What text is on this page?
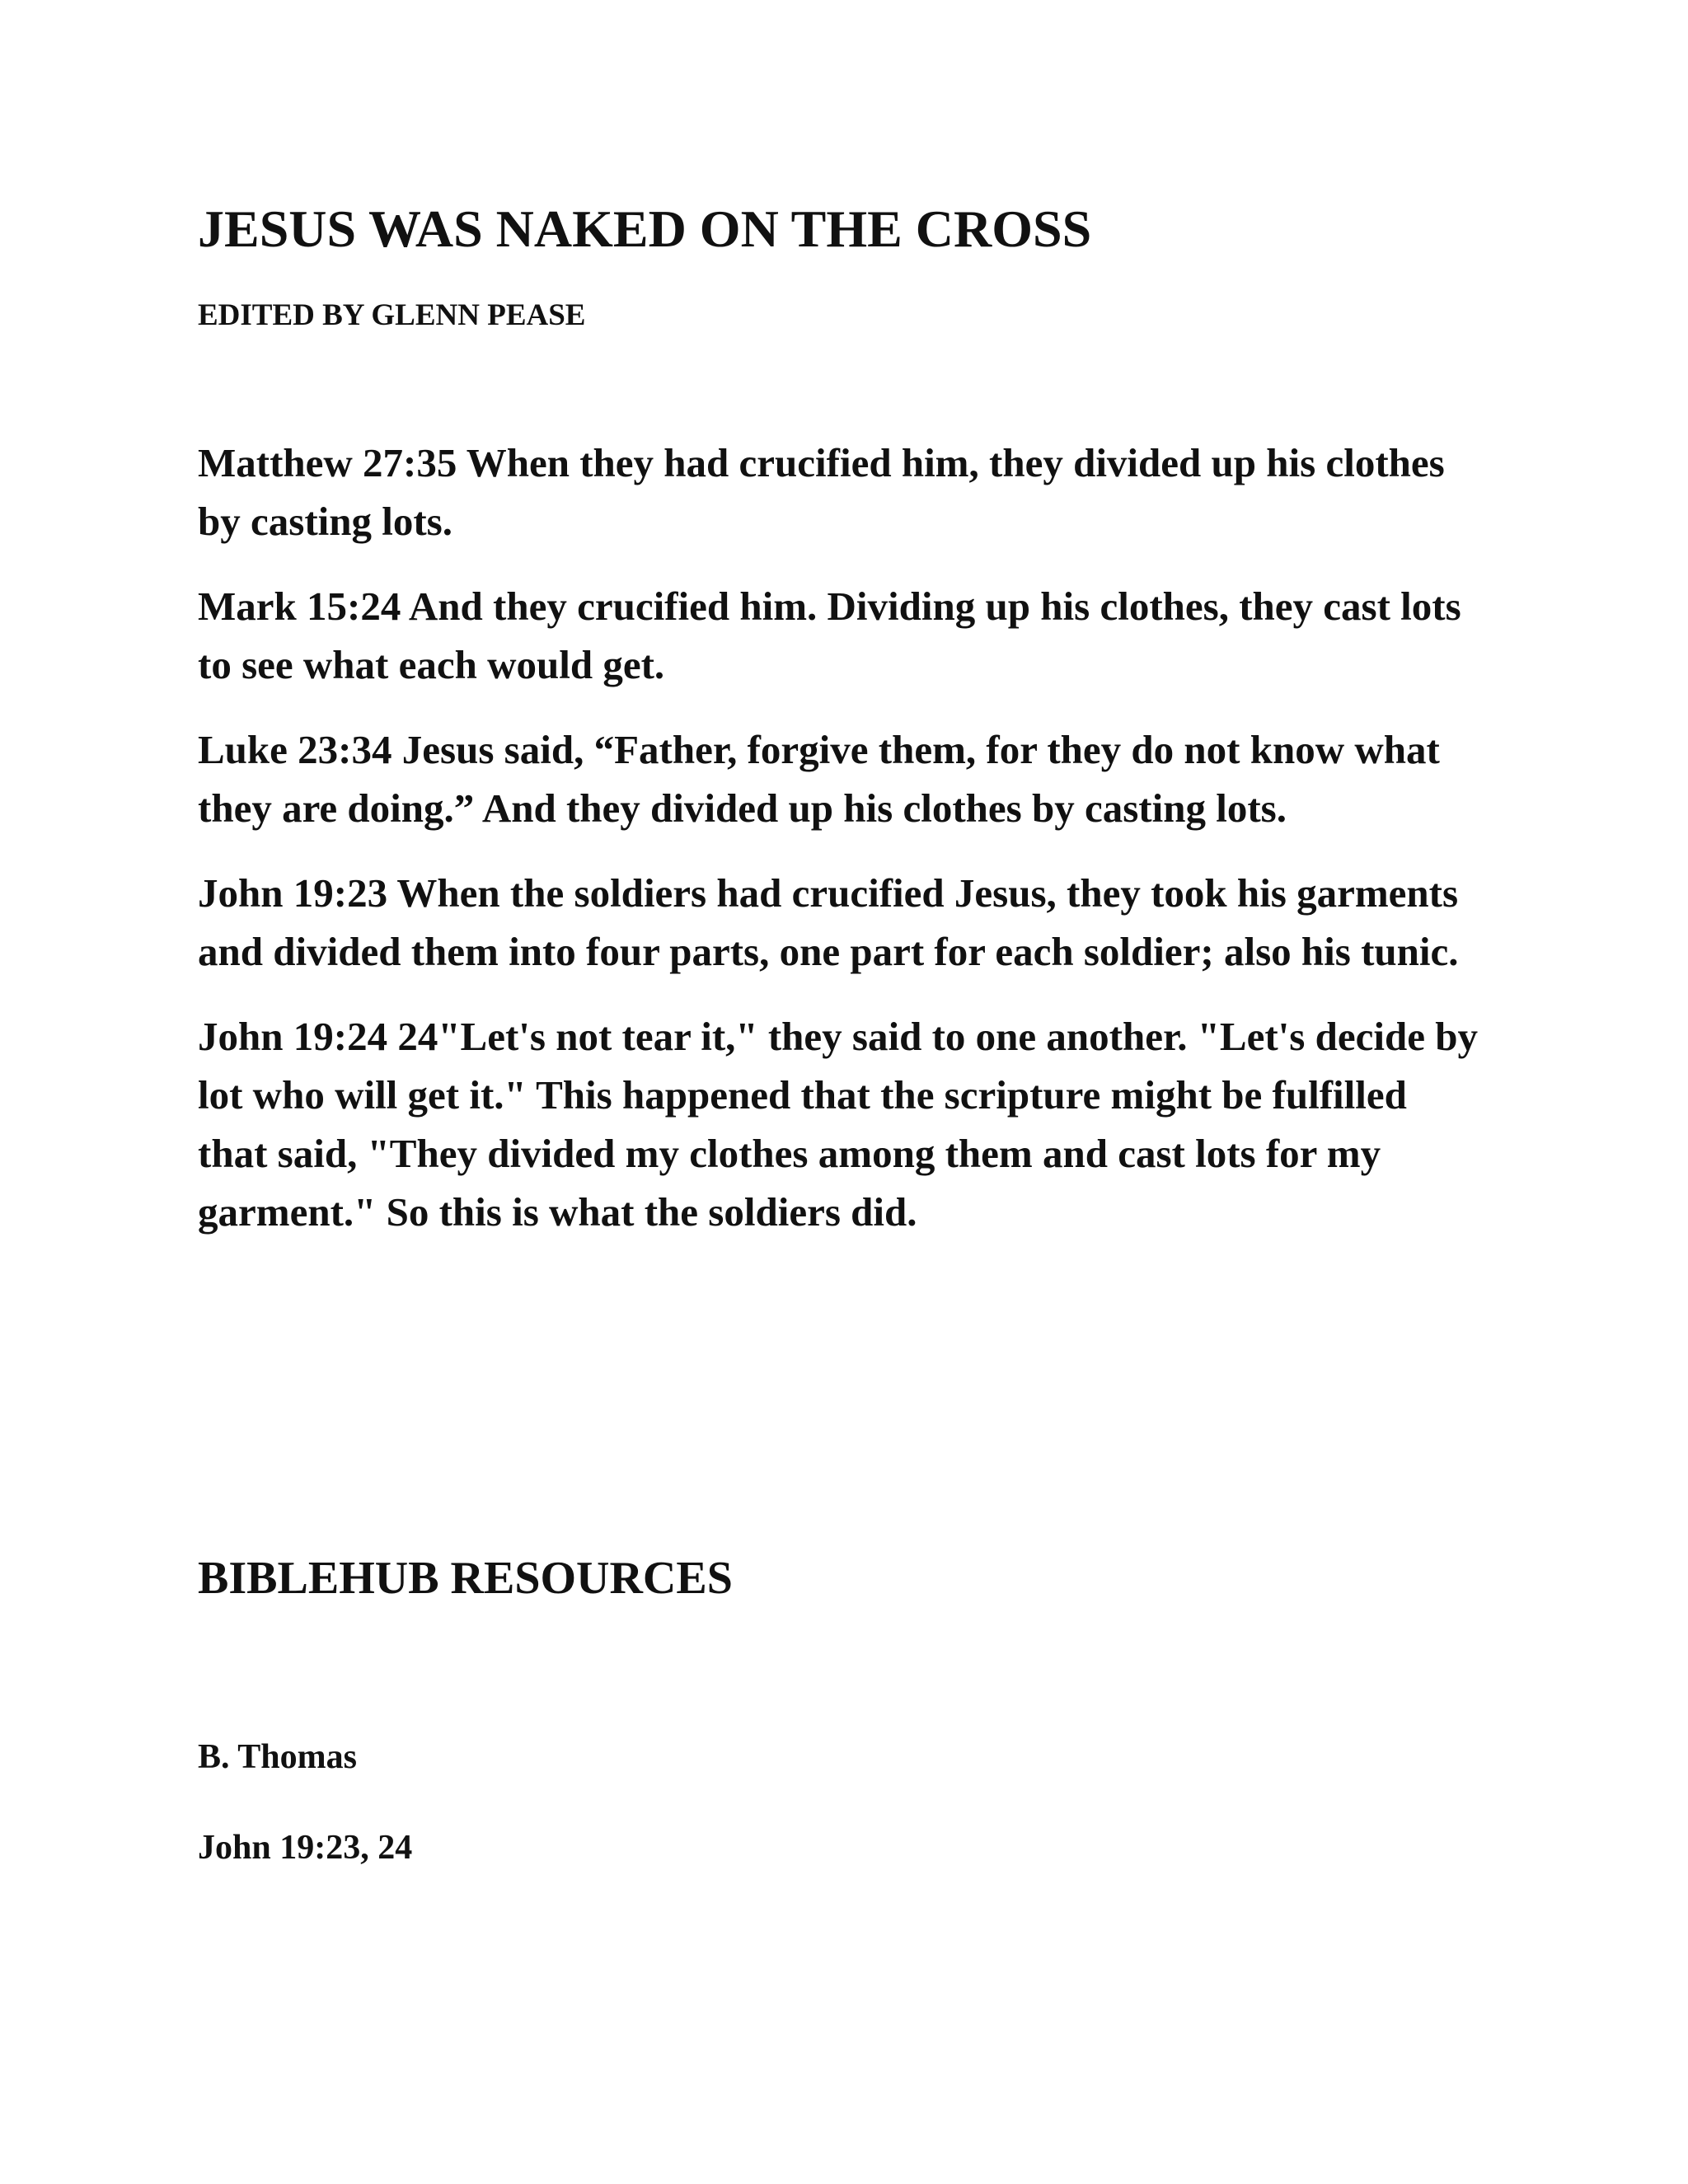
JESUS WAS NAKED ON THE CROSS

EDITED BY GLENN PEASE

Matthew 27:35 When they had crucified him, they divided up his clothes by casting lots.

Mark 15:24 And they crucified him. Dividing up his clothes, they cast lots to see what each would get.

Luke 23:34 Jesus said, “Father, forgive them, for they do not know what they are doing.” And they divided up his clothes by casting lots.

John 19:23 When the soldiers had crucified Jesus, they took his garments and divided them into four parts, one part for each soldier; also his tunic.

John 19:24 24"Let's not tear it," they said to one another. "Let's decide by lot who will get it." This happened that the scripture might be fulfilled that said, "They divided my clothes among them and cast lots for my garment." So this is what the soldiers did.

BIBLEHUB RESOURCES

B. Thomas

John 19:23, 24
